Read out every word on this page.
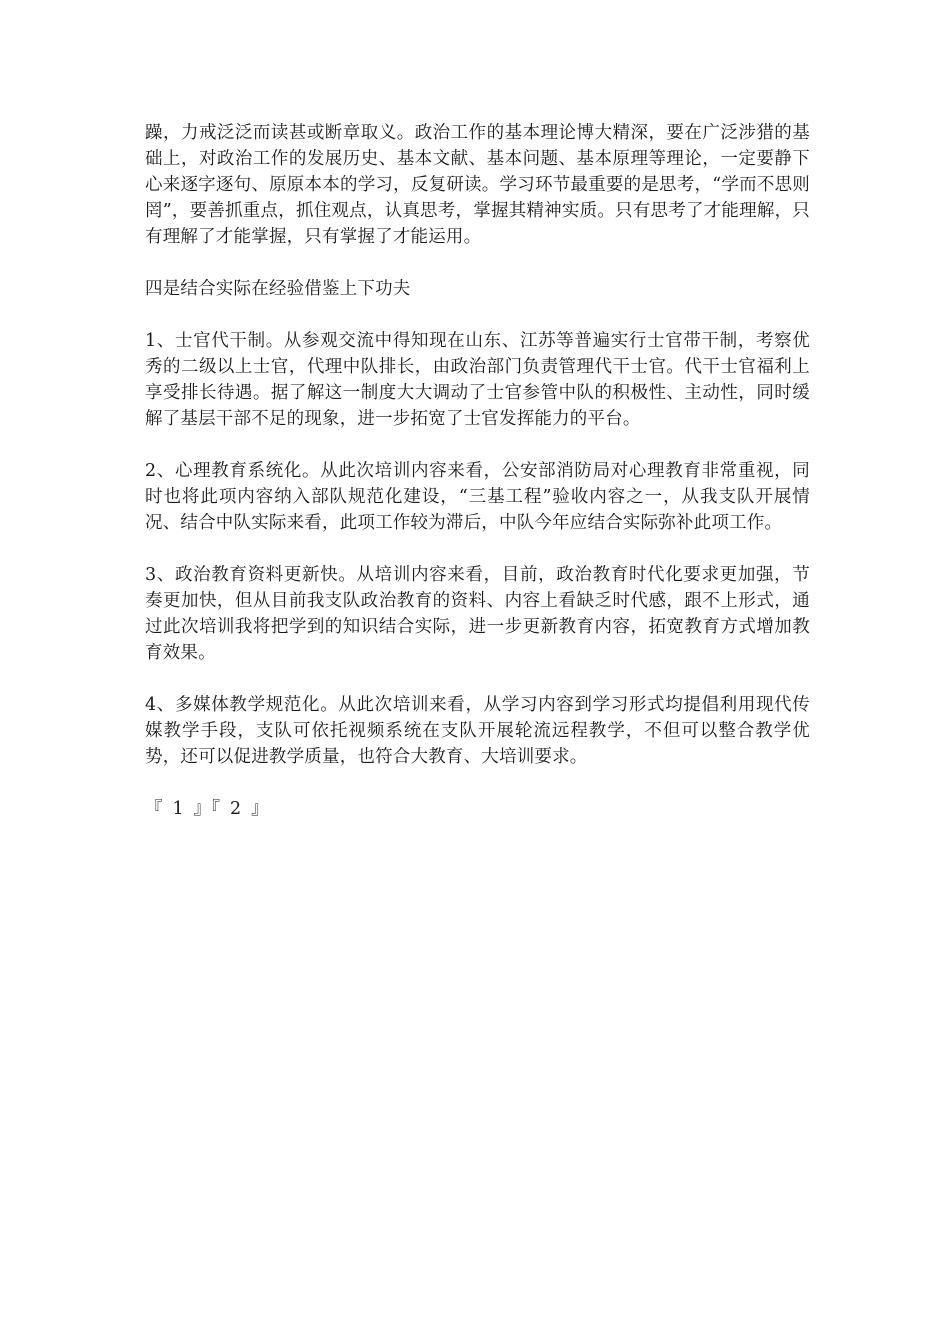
躁，力戒泛泛而读甚或断章取义。政治工作的基本理论博大精深，要在广泛涉猎的基础上，对政治工作的发展历史、基本文献、基本问题、基本原理等理论，一定要静下心来逐字逐句、原原本本的学习，反复研读。学习环节最重要的是思考，“学而不思则罔”，要善抓重点，抓住观点，认真思考，掌握其精神实质。只有思考了才能理解，只有理解了才能掌握，只有掌握了才能运用。

四是结合实际在经验借鉴上下功夫

1、士官代干制。从参观交流中得知现在山东、江苏等普遍实行士官带干制，考察优秀的二级以上士官，代理中队排长，由政治部门负责管理代干士官。代干士官福利上享受排长待遇。据了解这一制度大大调动了士官参管中队的积极性、主动性，同时缓解了基层干部不足的现象，进一步拓宽了士官发挥能力的平台。

2、心理教育系统化。从此次培训内容来看，公安部消防局对心理教育非常重视，同时也将此项内容纳入部队规范化建设，“三基工程”验收内容之一，从我支队开展情况、结合中队实际来看，此项工作较为滞后，中队今年应结合实际弥补此项工作。

3、政治教育资料更新快。从培训内容来看，目前，政治教育时代化要求更加强，节奏更加快，但从目前我支队政治教育的资料、内容上看缺乏时代感，跟不上形式，通过此次培训我将把学到的知识结合实际，进一步更新教育内容，拓宽教育方式增加教育效果。

4、多媒体教学规范化。从此次培训来看，从学习内容到学习形式均提倡利用现代传媒教学手段，支队可依托视频系统在支队开展轮流远程教学，不但可以整合教学优势，还可以促进教学质量，也符合大教育、大培训要求。

『 1 』『 2 』
